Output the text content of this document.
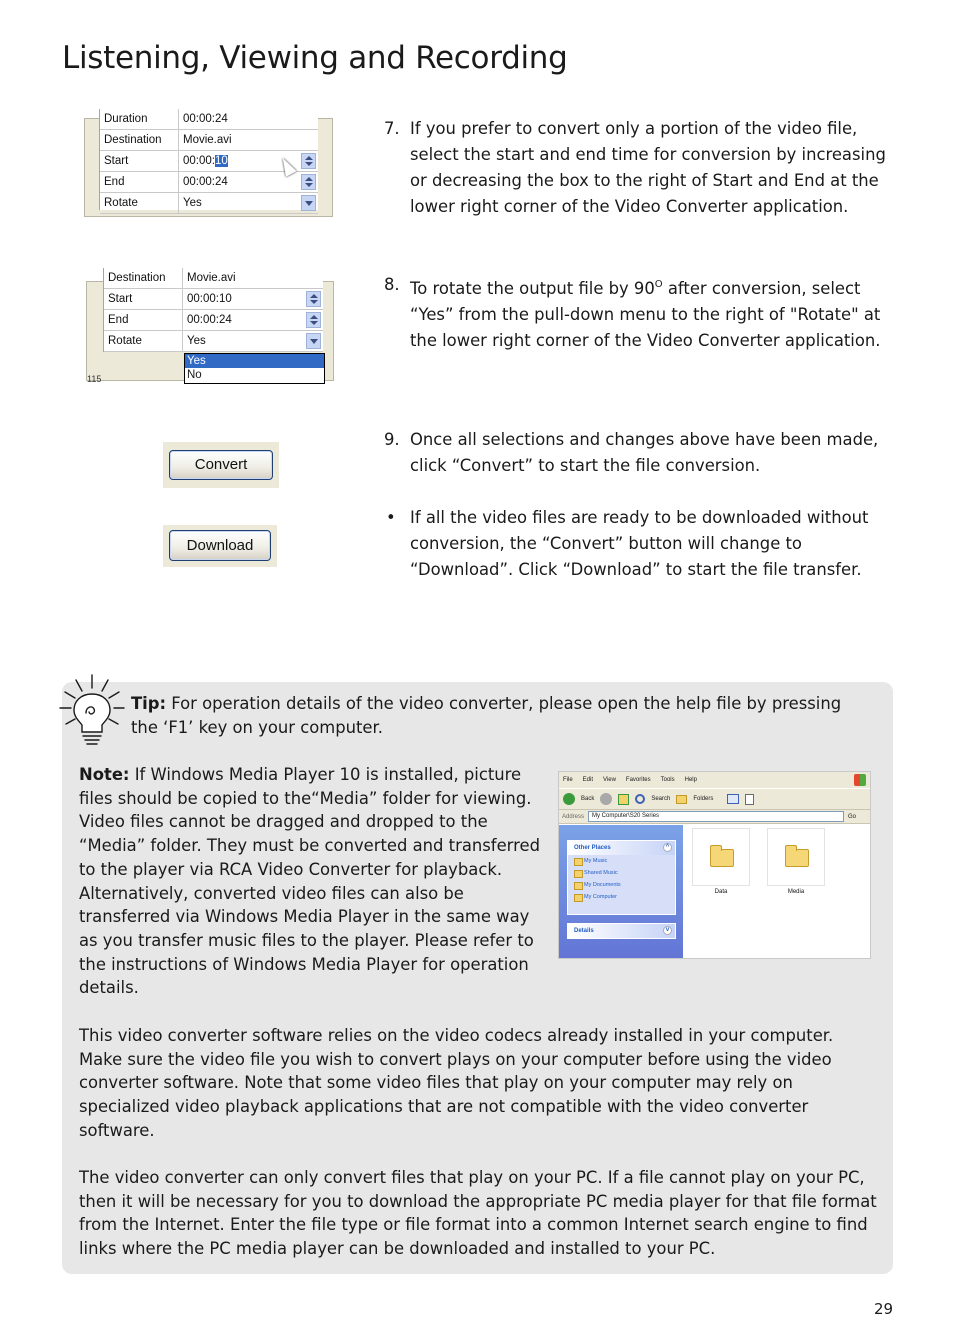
Listening, Viewing and Recording
Duration	00:00:24
Destination	Movie.avi
Start	00:00:10
End	00:00:24
Rotate	Yes
7. If you prefer to convert only a portion of the video file, select the start and end time for conversion by increasing or decreasing the box to the right of Start and End at the lower right corner of the Video Converter application.
Destination	Movie.avi
Start	00:00:10
End	00:00:24
Rotate	Yes
Yes
No
115
8. To rotate the output file by $90^O$ after conversion, select “Yes” from the pull-down menu to the right of "Rotate" at the lower right corner of the Video Converter application.
Convert
Download
9. Once all selections and changes above have been made, click “Convert” to start the file conversion.
• If all the video files are ready to be downloaded without conversion, the “Convert” button will change to “Download”. Click “Download” to start the file transfer.
Tip: For operation details of the video converter, please open the help file by pressing the ‘F1’ key on your computer.
Note: If Windows Media Player 10 is installed, picture files should be copied to the“Media” folder for viewing. Video files cannot be dragged and dropped to the “Media” folder. They must be converted and transferred to the player via RCA Video Converter for playback. Alternatively, converted video files can also be transferred via Windows Media Player in the same way as you transfer music files to the player. Please refer to the instructions of Windows Media Player for operation details.
File Edit View Favorites Tools Help
Back	Search	Folders
Address	My Computer\S20 Series	Go
Other Places	^
My Music
Shared Music
My Documents
My Computer
Details	v
Data	Media
This video converter software relies on the video codecs already installed in your computer. Make sure the video file you wish to convert plays on your computer before using the video converter software. Note that some video files that play on your computer may rely on specialized video playback applications that are not compatible with the video converter software.
The video converter can only convert files that play on your PC. If a file cannot play on your PC, then it will be necessary for you to download the appropriate PC media player for that file format from the Internet. Enter the file type or file format into a common Internet search engine to find links where the PC media player can be downloaded and installed to your PC.
29
